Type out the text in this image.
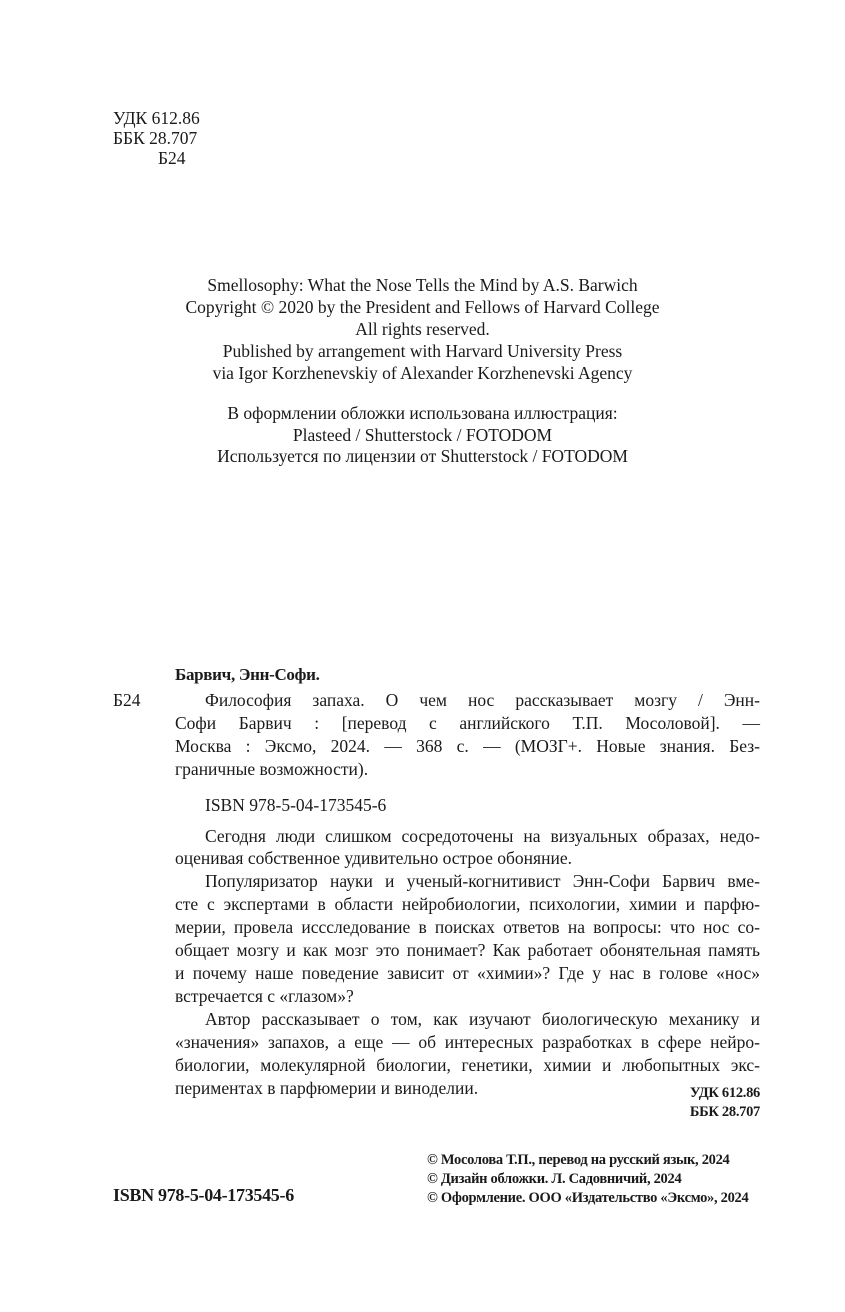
УДК 612.86
ББК 28.707
Б24
Smellosophy: What the Nose Tells the Mind by A.S. Barwich
Copyright © 2020 by the President and Fellows of Harvard College
All rights reserved.
Published by arrangement with Harvard University Press
via Igor Korzhenevskiy of Alexander Korzhenevski Agency
В оформлении обложки использована иллюстрация:
Plasteed / Shutterstock / FOTODOM
Используется по лицензии от Shutterstock / FOTODOM
Барвич, Энн-Софи.
Б24	Философия запаха. О чем нос рассказывает мозгу / Энн-
Софи Барвич : [перевод с английского Т.П. Мосоловой]. —
Москва : Эксмо, 2024. — 368 с. — (МОЗГ+. Новые знания. Без-
граничные возможности).
ISBN 978-5-04-173545-6
Сегодня люди слишком сосредоточены на визуальных образах, недо-
оценивая собственное удивительно острое обоняние.
Популяризатор науки и ученый-когнитивист Энн-Софи Барвич вме-
сте с экспертами в области нейробиологии, психологии, химии и парфю-
мерии, провела иссследование в поисках ответов на вопросы: что нос со-
общает мозгу и как мозг это понимает? Как работает обонятельная память
и почему наше поведение зависит от «химии»? Где у нас в голове «нос»
встречается с «глазом»?
Автор рассказывает о том, как изучают биологическую механику и
«значения» запахов, а еще — об интересных разработках в сфере нейро-
биологии, молекулярной биологии, генетики, химии и любопытных экс-
периментах в парфюмерии и виноделии.	УДК 612.86
ББК 28.707
ISBN 978-5-04-173545-6
© Мосолова Т.П., перевод на русский язык, 2024
© Дизайн обложки. Л. Садовничий, 2024
© Оформление. ООО «Издательство «Эксмо», 2024
